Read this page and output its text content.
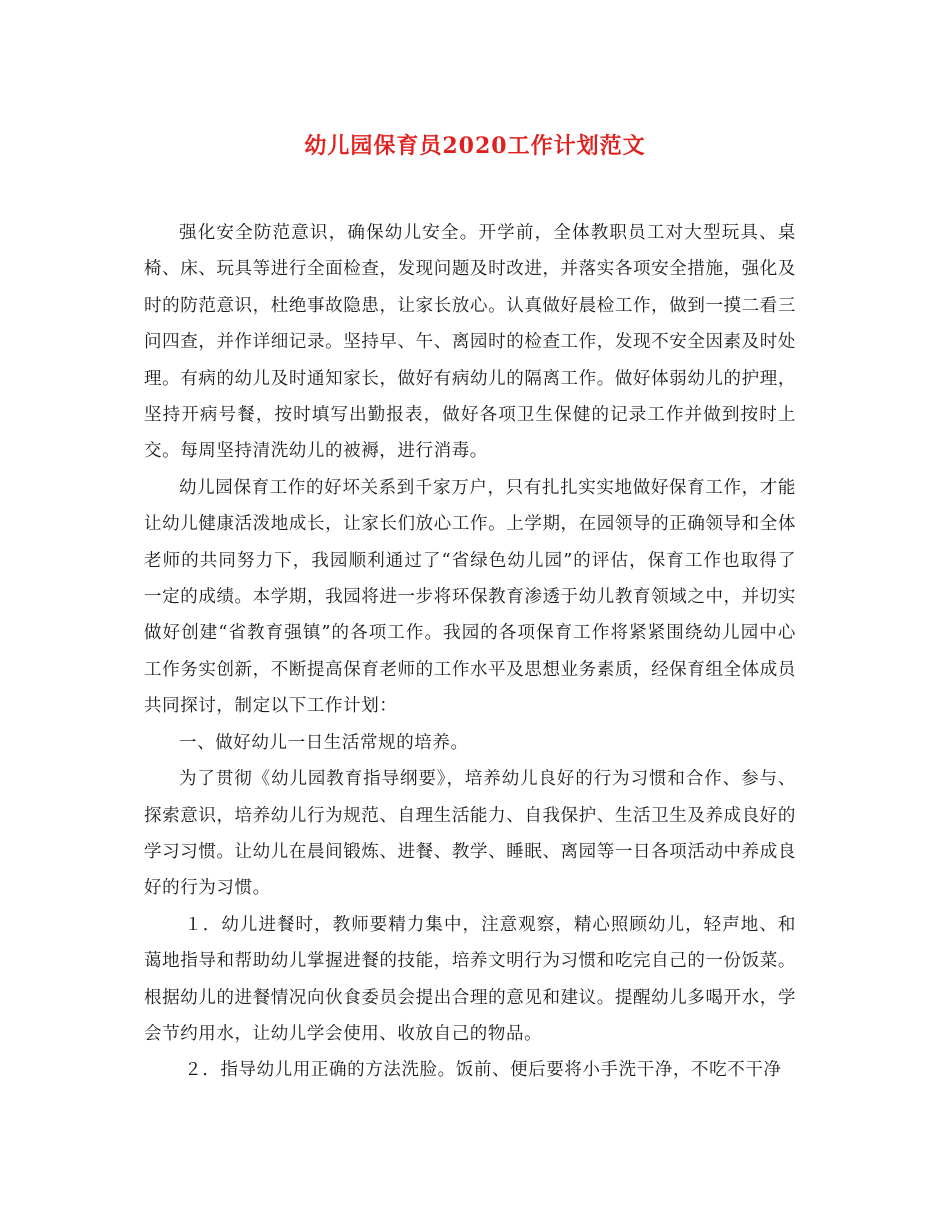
幼儿园保育员2020工作计划范文

强化安全防范意识，确保幼儿安全。开学前，全体教职员工对大型玩具、桌椅、床、玩具等进行全面检查，发现问题及时改进，并落实各项安全措施，强化及时的防范意识，杜绝事故隐患，让家长放心。认真做好晨检工作，做到一摸二看三问四查，并作详细记录。坚持早、午、离园时的检查工作，发现不安全因素及时处理。有病的幼儿及时通知家长，做好有病幼儿的隔离工作。做好体弱幼儿的护理，坚持开病号餐，按时填写出勤报表，做好各项卫生保健的记录工作并做到按时上交。每周坚持清洗幼儿的被褥，进行消毒。

幼儿园保育工作的好坏关系到千家万户，只有扎扎实实地做好保育工作，才能让幼儿健康活泼地成长，让家长们放心工作。上学期，在园领导的正确领导和全体老师的共同努力下，我园顺利通过了“省绿色幼儿园”的评估，保育工作也取得了一定的成绩。本学期，我园将进一步将环保教育渗透于幼儿教育领域之中，并切实做好创建“省教育强镇”的各项工作。我园的各项保育工作将紧紧围绕幼儿园中心工作务实创新，不断提高保育老师的工作水平及思想业务素质，经保育组全体成员共同探讨，制定以下工作计划：

一、做好幼儿一日生活常规的培养。

为了贯彻《幼儿园教育指导纲要》，培养幼儿良好的行为习惯和合作、参与、探索意识，培养幼儿行为规范、自理生活能力、自我保护、生活卫生及养成良好的学习习惯。让幼儿在晨间锻炼、进餐、教学、睡眠、离园等一日各项活动中养成良好的行为习惯。

１．幼儿进餐时，教师要精力集中，注意观察，精心照顾幼儿，轻声地、和蔼地指导和帮助幼儿掌握进餐的技能，培养文明行为习惯和吃完自己的一份饭菜。根据幼儿的进餐情况向伙食委员会提出合理的意见和建议。提醒幼儿多喝开水，学会节约用水，让幼儿学会使用、收放自己的物品。

２．指导幼儿用正确的方法洗脸。饭前、便后要将小手洗干净，不吃不干净
